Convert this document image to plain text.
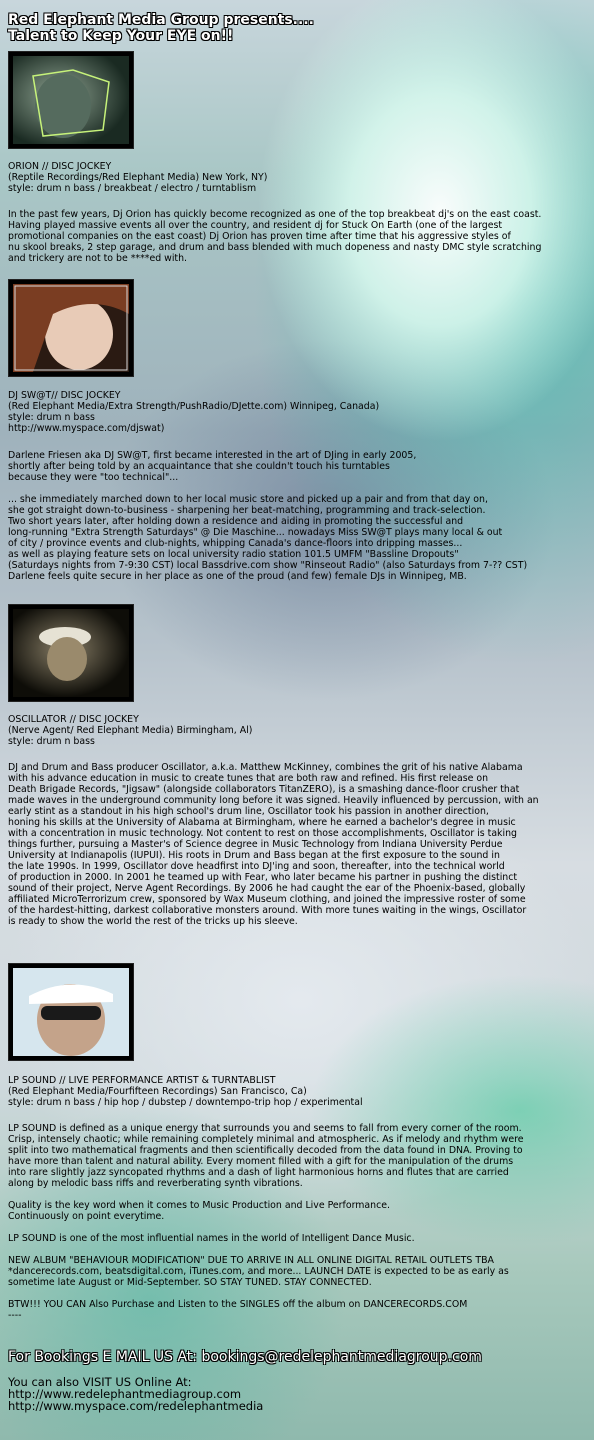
Red Elephant Media Group presents....
Talent to Keep Your EYE on!!
ORION // DISC JOCKEY
(Reptile Recordings/Red Elephant Media) New York, NY)
style: drum n bass / breakbeat / electro / turntablism
In the past few years, Dj Orion has quickly become recognized as one of the top breakbeat dj's on the east coast.
Having played massive events all over the country, and resident dj for Stuck On Earth (one of the largest
promotional companies on the east coast) Dj Orion has proven time after time that his aggressive styles of
nu skool breaks, 2 step garage, and drum and bass blended with much dopeness and nasty DMC style scratching
and trickery are not to be ****ed with.
DJ SW@T// DISC JOCKEY
(Red Elephant Media/Extra Strength/PushRadio/DJette.com) Winnipeg, Canada)
style: drum n bass
http://www.myspace.com/djswat)
Darlene Friesen aka DJ SW@T, first became interested in the art of DJing in early 2005,
shortly after being told by an acquaintance that she couldn't touch his turntables
because they were "too technical"...

... she immediately marched down to her local music store and picked up a pair and from that day on,
she got straight down-to-business - sharpening her beat-matching, programming and track-selection.
Two short years later, after holding down a residence and aiding in promoting the successful and
long-running "Extra Strength Saturdays" @ Die Maschine... nowadays Miss SW@T plays many local & out
of city / province events and club-nights, whipping Canada's dance-floors into dripping masses...
as well as playing feature sets on local university radio station 101.5 UMFM "Bassline Dropouts"
(Saturdays nights from 7-9:30 CST) local Bassdrive.com show "Rinseout Radio" (also Saturdays from 7-?? CST)
Darlene feels quite secure in her place as one of the proud (and few) female DJs in Winnipeg, MB.
OSCILLATOR // DISC JOCKEY
(Nerve Agent/ Red Elephant Media) Birmingham, Al)
style: drum n bass
DJ and Drum and Bass producer Oscillator, a.k.a. Matthew McKinney, combines the grit of his native Alabama
with his advance education in music to create tunes that are both raw and refined. His first release on
Death Brigade Records, "Jigsaw" (alongside collaborators TitanZERO), is a smashing dance-floor crusher that
made waves in the underground community long before it was signed. Heavily influenced by percussion, with an
early stint as a standout in his high school's drum line, Oscillator took his passion in another direction,
honing his skills at the University of Alabama at Birmingham, where he earned a bachelor's degree in music
with a concentration in music technology. Not content to rest on those accomplishments, Oscillator is taking
things further, pursuing a Master's of Science degree in Music Technology from Indiana University Perdue
University at Indianapolis (IUPUI). His roots in Drum and Bass began at the first exposure to the sound in
the late 1990s. In 1999, Oscillator dove headfirst into DJ'ing and soon, thereafter, into the technical world
of production in 2000. In 2001 he teamed up with Fear, who later became his partner in pushing the distinct
sound of their project, Nerve Agent Recordings. By 2006 he had caught the ear of the Phoenix-based, globally
affiliated MicroTerrorizum crew, sponsored by Wax Museum clothing, and joined the impressive roster of some
of the hardest-hitting, darkest collaborative monsters around. With more tunes waiting in the wings, Oscillator
is ready to show the world the rest of the tricks up his sleeve.
LP SOUND // LIVE PERFORMANCE ARTIST & TURNTABLIST
(Red Elephant Media/Fourfifteen Recordings) San Francisco, Ca)
style: drum n bass / hip hop / dubstep / downtempo-trip hop / experimental
LP SOUND is defined as a unique energy that surrounds you and seems to fall from every corner of the room.
Crisp, intensely chaotic; while remaining completely minimal and atmospheric. As if melody and rhythm were
split into two mathematical fragments and then scientifically decoded from the data found in DNA. Proving to
have more than talent and natural ability. Every moment filled with a gift for the manipulation of the drums
into rare slightly jazz syncopated rhythms and a dash of light harmonious horns and flutes that are carried
along by melodic bass riffs and reverberating synth vibrations.

Quality is the key word when it comes to Music Production and Live Performance.
Continuously on point everytime.

LP SOUND is one of the most influential names in the world of Intelligent Dance Music.

NEW ALBUM "BEHAVIOUR MODIFICATION" DUE TO ARRIVE IN ALL ONLINE DIGITAL RETAIL OUTLETS TBA
*dancerecords.com, beatsdigital.com, iTunes.com, and more... LAUNCH DATE is expected to be as early as
sometime late August or Mid-September. SO STAY TUNED. STAY CONNECTED.

BTW!!! YOU CAN Also Purchase and Listen to the SINGLES off the album on DANCERECORDS.COM
----
For Bookings E MAIL US At: bookings@redelephantmediagroup.com
You can also VISIT US Online At:
http://www.redelephantmediagroup.com
http://www.myspace.com/redelephantmedia
